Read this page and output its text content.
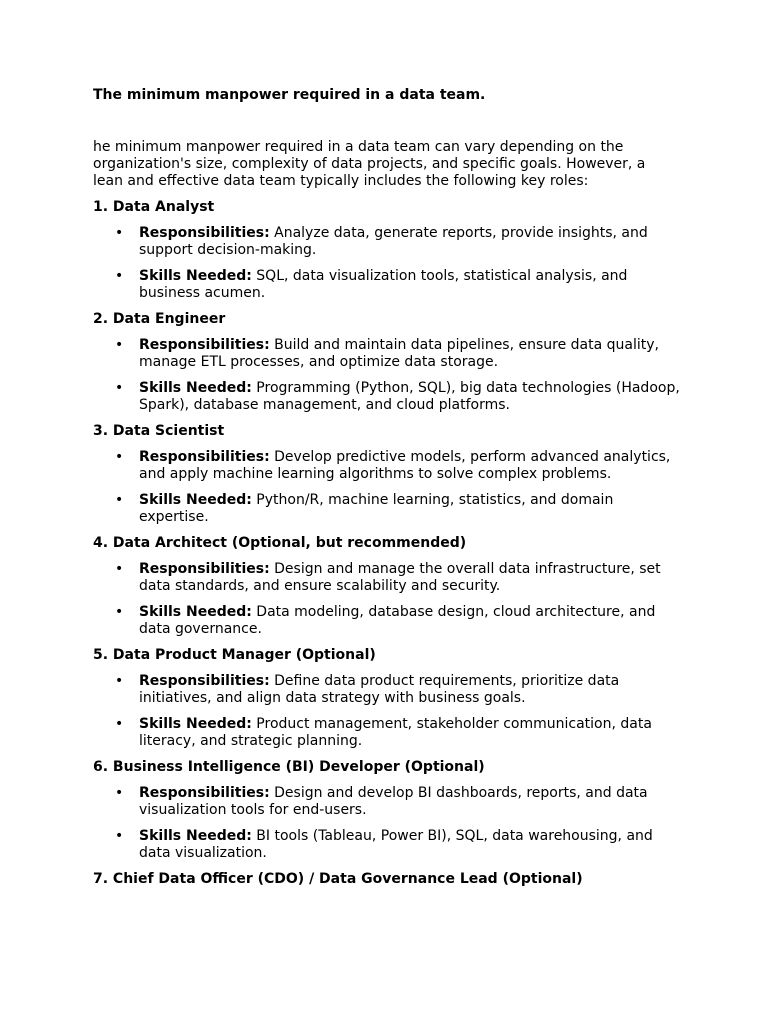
The minimum manpower required in a data team.

he minimum manpower required in a data team can vary depending on the organization's size, complexity of data projects, and specific goals. However, a lean and effective data team typically includes the following key roles:

1. Data Analyst

• Responsibilities: Analyze data, generate reports, provide insights, and support decision-making.
• Skills Needed: SQL, data visualization tools, statistical analysis, and business acumen.

2. Data Engineer

• Responsibilities: Build and maintain data pipelines, ensure data quality, manage ETL processes, and optimize data storage.
• Skills Needed: Programming (Python, SQL), big data technologies (Hadoop, Spark), database management, and cloud platforms.

3. Data Scientist

• Responsibilities: Develop predictive models, perform advanced analytics, and apply machine learning algorithms to solve complex problems.
• Skills Needed: Python/R, machine learning, statistics, and domain expertise.

4. Data Architect (Optional, but recommended)

• Responsibilities: Design and manage the overall data infrastructure, set data standards, and ensure scalability and security.
• Skills Needed: Data modeling, database design, cloud architecture, and data governance.

5. Data Product Manager (Optional)

• Responsibilities: Define data product requirements, prioritize data initiatives, and align data strategy with business goals.
• Skills Needed: Product management, stakeholder communication, data literacy, and strategic planning.

6. Business Intelligence (BI) Developer (Optional)

• Responsibilities: Design and develop BI dashboards, reports, and data visualization tools for end-users.
• Skills Needed: BI tools (Tableau, Power BI), SQL, data warehousing, and data visualization.

7. Chief Data Officer (CDO) / Data Governance Lead (Optional)
